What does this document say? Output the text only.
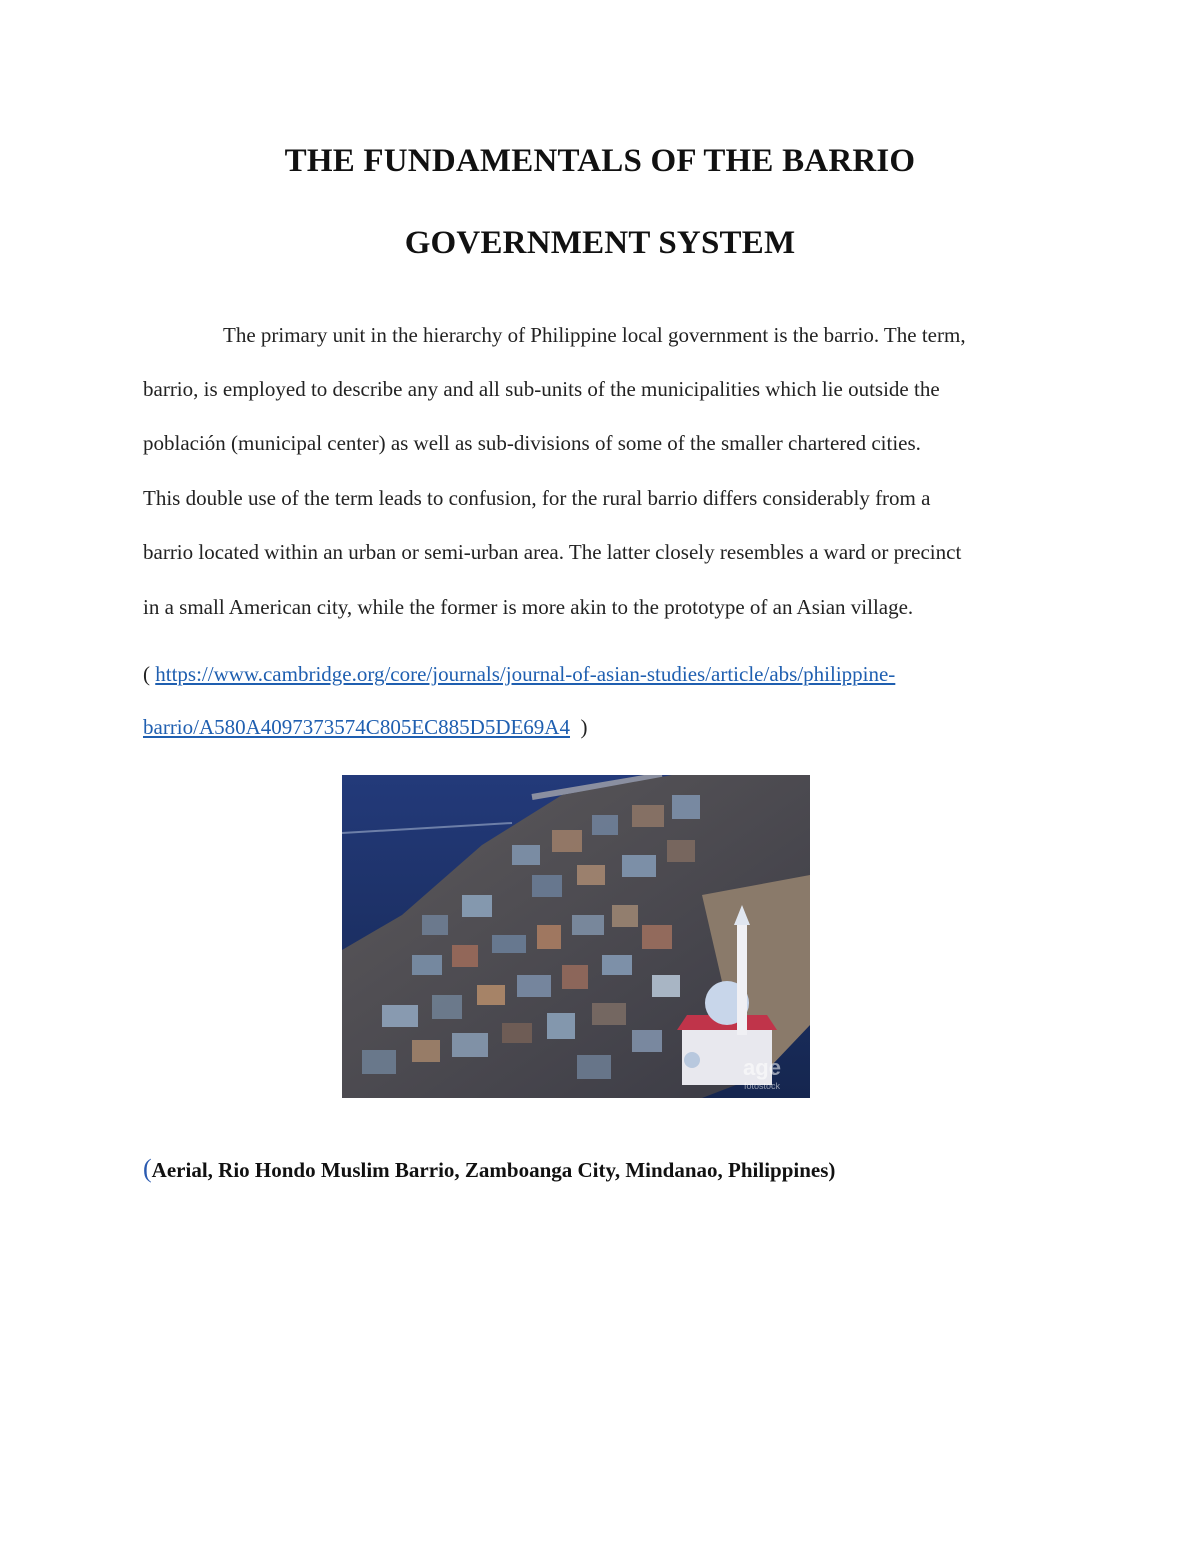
THE FUNDAMENTALS OF THE BARRIO
GOVERNMENT SYSTEM
The primary unit in the hierarchy of Philippine local government is the barrio. The term,
barrio, is employed to describe any and all sub-units of the municipalities which lie outside the
población (municipal center) as well as sub-divisions of some of the smaller chartered cities.
This double use of the term leads to confusion, for the rural barrio differs considerably from a
barrio located within an urban or semi-urban area. The latter closely resembles a ward or precinct
in a small American city, while the former is more akin to the prototype of an Asian village.
( https://www.cambridge.org/core/journals/journal-of-asian-studies/article/abs/philippine-
barrio/A580A4097373574C805EC885D5DE69A4  )
age
fotostock
(Aerial, Rio Hondo Muslim Barrio, Zamboanga City, Mindanao, Philippines)
